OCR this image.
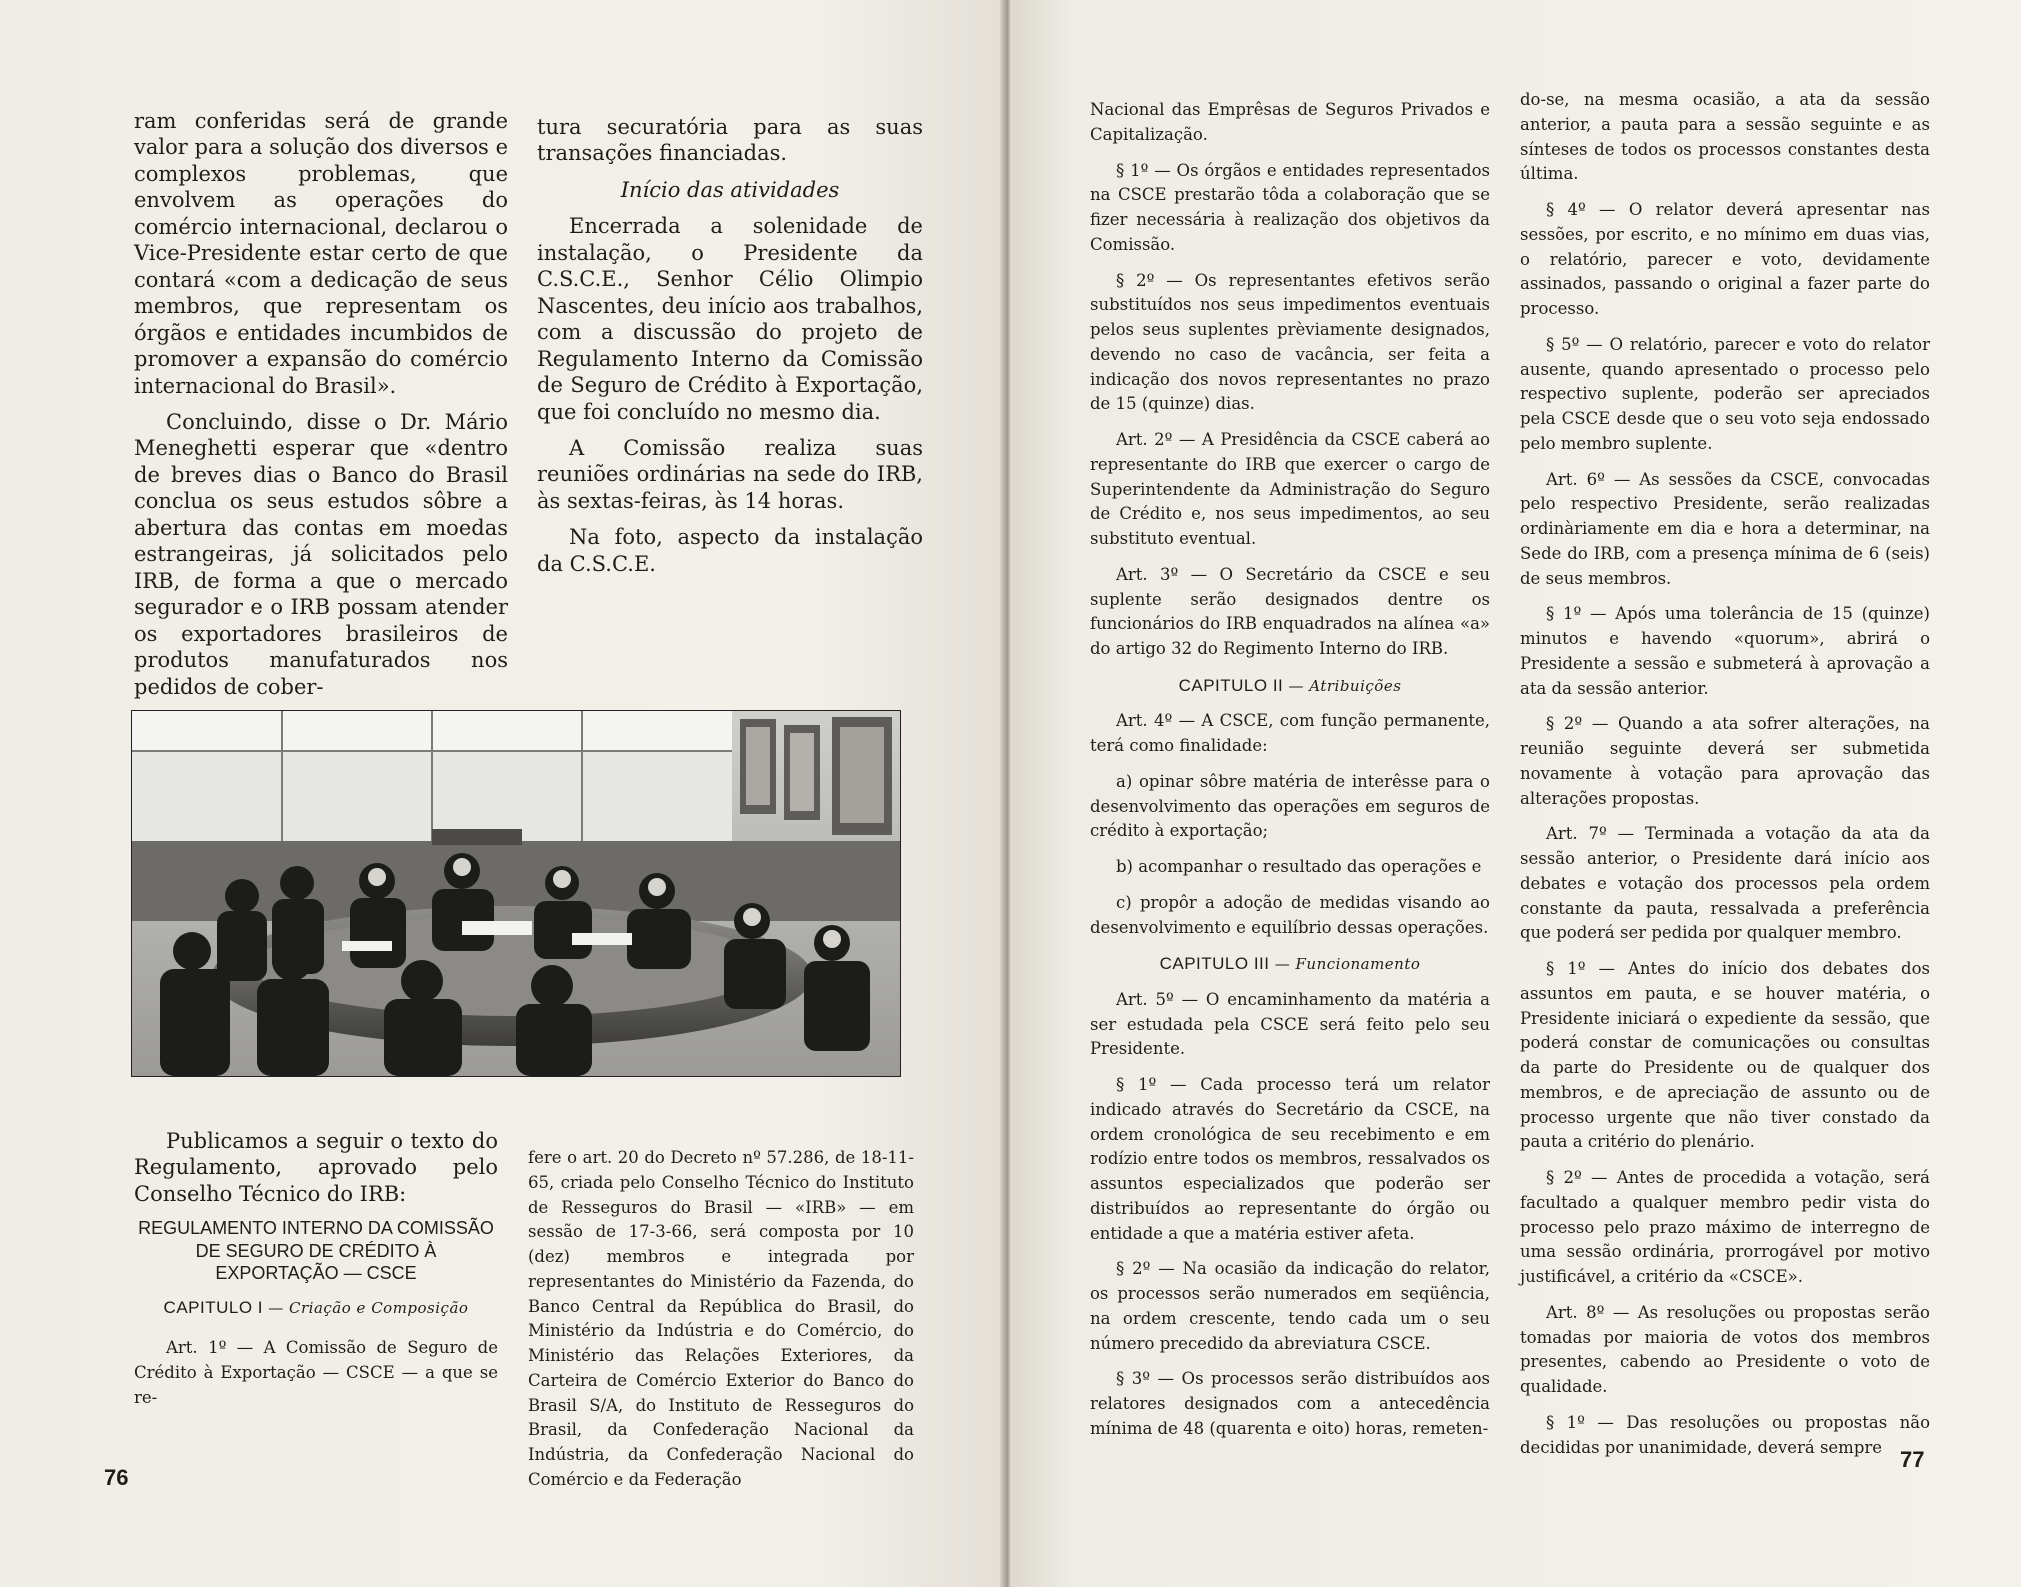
ram conferidas será de grande valor para a solução dos diversos e complexos problemas, que envolvem as operações do comércio internacional, declarou o Vice-Presidente estar certo de que contará «com a dedicação de seus membros, que representam os órgãos e entidades incumbidos de promover a expansão do comércio internacional do Brasil».

Concluindo, disse o Dr. Mário Meneghetti esperar que «dentro de breves dias o Banco do Brasil conclua os seus estudos sôbre a abertura das contas em moedas estrangeiras, já solicitados pelo IRB, de forma a que o mercado segurador e o IRB possam atender os exportadores brasileiros de produtos manufaturados nos pedidos de cober-

tura securatória para as suas transações financiadas.

Início das atividades

Encerrada a solenidade de instalação, o Presidente da C.S.C.E., Senhor Célio Olimpio Nascentes, deu início aos trabalhos, com a discussão do projeto de Regulamento Interno da Comissão de Seguro de Crédito à Exportação, que foi concluído no mesmo dia.

A Comissão realiza suas reuniões ordinárias na sede do IRB, às sextas-feiras, às 14 horas.

Na foto, aspecto da instalação da C.S.C.E.

Publicamos a seguir o texto do Regulamento, aprovado pelo Conselho Técnico do IRB:

REGULAMENTO INTERNO DA COMISSÃO DE SEGURO DE CRÉDITO À EXPORTAÇÃO — CSCE

CAPITULO I — Criação e Composição

Art. 1º — A Comissão de Seguro de Crédito à Exportação — CSCE — a que se re-

fere o art. 20 do Decreto nº 57.286, de 18-11-65, criada pelo Conselho Técnico do Instituto de Resseguros do Brasil — «IRB» — em sessão de 17-3-66, será composta por 10 (dez) membros e integrada por representantes do Ministério da Fazenda, do Banco Central da República do Brasil, do Ministério da Indústria e do Comércio, do Ministério das Relações Exteriores, da Carteira de Comércio Exterior do Banco do Brasil S/A, do Instituto de Resseguros do Brasil, da Confederação Nacional da Indústria, da Confederação Nacional do Comércio e da Federação

76

Nacional das Emprêsas de Seguros Privados e Capitalização.

§ 1º — Os órgãos e entidades representados na CSCE prestarão tôda a colaboração que se fizer necessária à realização dos objetivos da Comissão.

§ 2º — Os representantes efetivos serão substituídos nos seus impedimentos eventuais pelos seus suplentes prèviamente designados, devendo no caso de vacância, ser feita a indicação dos novos representantes no prazo de 15 (quinze) dias.

Art. 2º — A Presidência da CSCE caberá ao representante do IRB que exercer o cargo de Superintendente da Administração do Seguro de Crédito e, nos seus impedimentos, ao seu substituto eventual.

Art. 3º — O Secretário da CSCE e seu suplente serão designados dentre os funcionários do IRB enquadrados na alínea «a» do artigo 32 do Regimento Interno do IRB.

CAPITULO II — Atribuições

Art. 4º — A CSCE, com função permanente, terá como finalidade:

a) opinar sôbre matéria de interêsse para o desenvolvimento das operações em seguros de crédito à exportação;

b) acompanhar o resultado das operações e

c) propôr a adoção de medidas visando ao desenvolvimento e equilíbrio dessas operações.

CAPITULO III — Funcionamento

Art. 5º — O encaminhamento da matéria a ser estudada pela CSCE será feito pelo seu Presidente.

§ 1º — Cada processo terá um relator indicado através do Secretário da CSCE, na ordem cronológica de seu recebimento e em rodízio entre todos os membros, ressalvados os assuntos especializados que poderão ser distribuídos ao representante do órgão ou entidade a que a matéria estiver afeta.

§ 2º — Na ocasião da indicação do relator, os processos serão numerados em seqüência, na ordem crescente, tendo cada um o seu número precedido da abreviatura CSCE.

§ 3º — Os processos serão distribuídos aos relatores designados com a antecedência mínima de 48 (quarenta e oito) horas, remeten-

do-se, na mesma ocasião, a ata da sessão anterior, a pauta para a sessão seguinte e as sínteses de todos os processos constantes desta última.

§ 4º — O relator deverá apresentar nas sessões, por escrito, e no mínimo em duas vias, o relatório, parecer e voto, devidamente assinados, passando o original a fazer parte do processo.

§ 5º — O relatório, parecer e voto do relator ausente, quando apresentado o processo pelo respectivo suplente, poderão ser apreciados pela CSCE desde que o seu voto seja endossado pelo membro suplente.

Art. 6º — As sessões da CSCE, convocadas pelo respectivo Presidente, serão realizadas ordinàriamente em dia e hora a determinar, na Sede do IRB, com a presença mínima de 6 (seis) de seus membros.

§ 1º — Após uma tolerância de 15 (quinze) minutos e havendo «quorum», abrirá o Presidente a sessão e submeterá à aprovação a ata da sessão anterior.

§ 2º — Quando a ata sofrer alterações, na reunião seguinte deverá ser submetida novamente à votação para aprovação das alterações propostas.

Art. 7º — Terminada a votação da ata da sessão anterior, o Presidente dará início aos debates e votação dos processos pela ordem constante da pauta, ressalvada a preferência que poderá ser pedida por qualquer membro.

§ 1º — Antes do início dos debates dos assuntos em pauta, e se houver matéria, o Presidente iniciará o expediente da sessão, que poderá constar de comunicações ou consultas da parte do Presidente ou de qualquer dos membros, e de apreciação de assunto ou de processo urgente que não tiver constado da pauta a critério do plenário.

§ 2º — Antes de procedida a votação, será facultado a qualquer membro pedir vista do processo pelo prazo máximo de interregno de uma sessão ordinária, prorrogável por motivo justificável, a critério da «CSCE».

Art. 8º — As resoluções ou propostas serão tomadas por maioria de votos dos membros presentes, cabendo ao Presidente o voto de qualidade.

§ 1º — Das resoluções ou propostas não decididas por unanimidade, deverá sempre 77
